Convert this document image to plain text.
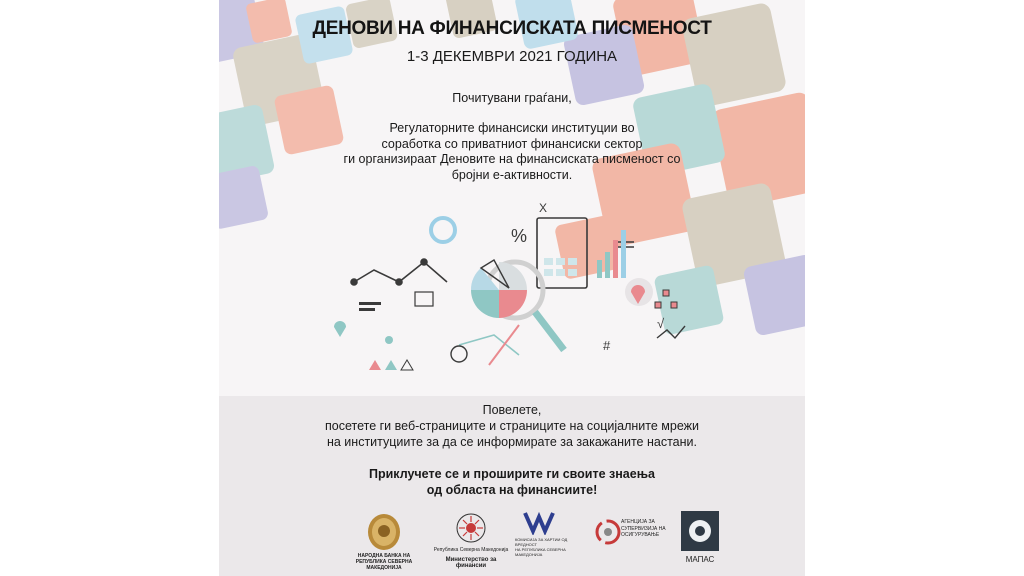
%
X
#
√
ДЕНОВИ НА ФИНАНСИСКАТА ПИСМЕНОСТ
1-3 ДЕКЕМВРИ 2021 ГОДИНА
Почитувани граѓани,
Регулаторните финансиски институции во
соработка со приватниот финансиски сектор
ги организираат Деновите на финансиската писменост со
бројни е-активности.
Повелете,
посетете ги веб-страниците и страниците на социјалните мрежи
на институциите за да се информирате за закажаните настани.
Приклучете се и проширите ги своите знаења
од областа на финансиите!
НАРОДНА БАНКА НА
РЕПУБЛИКА СЕВЕРНА МАКЕДОНИЈА
Република Северна Македонија
Министерство за финансии
КОМИСИЈА ЗА ХАРТИИ ОД ВРЕДНОСТ
НА РЕПУБЛИКА СЕВЕРНА МАКЕДОНИЈА
АГЕНЦИЈА ЗА
СУПЕРВИЗИЈА НА
ОСИГУРУВАЊЕ
МАПАС
